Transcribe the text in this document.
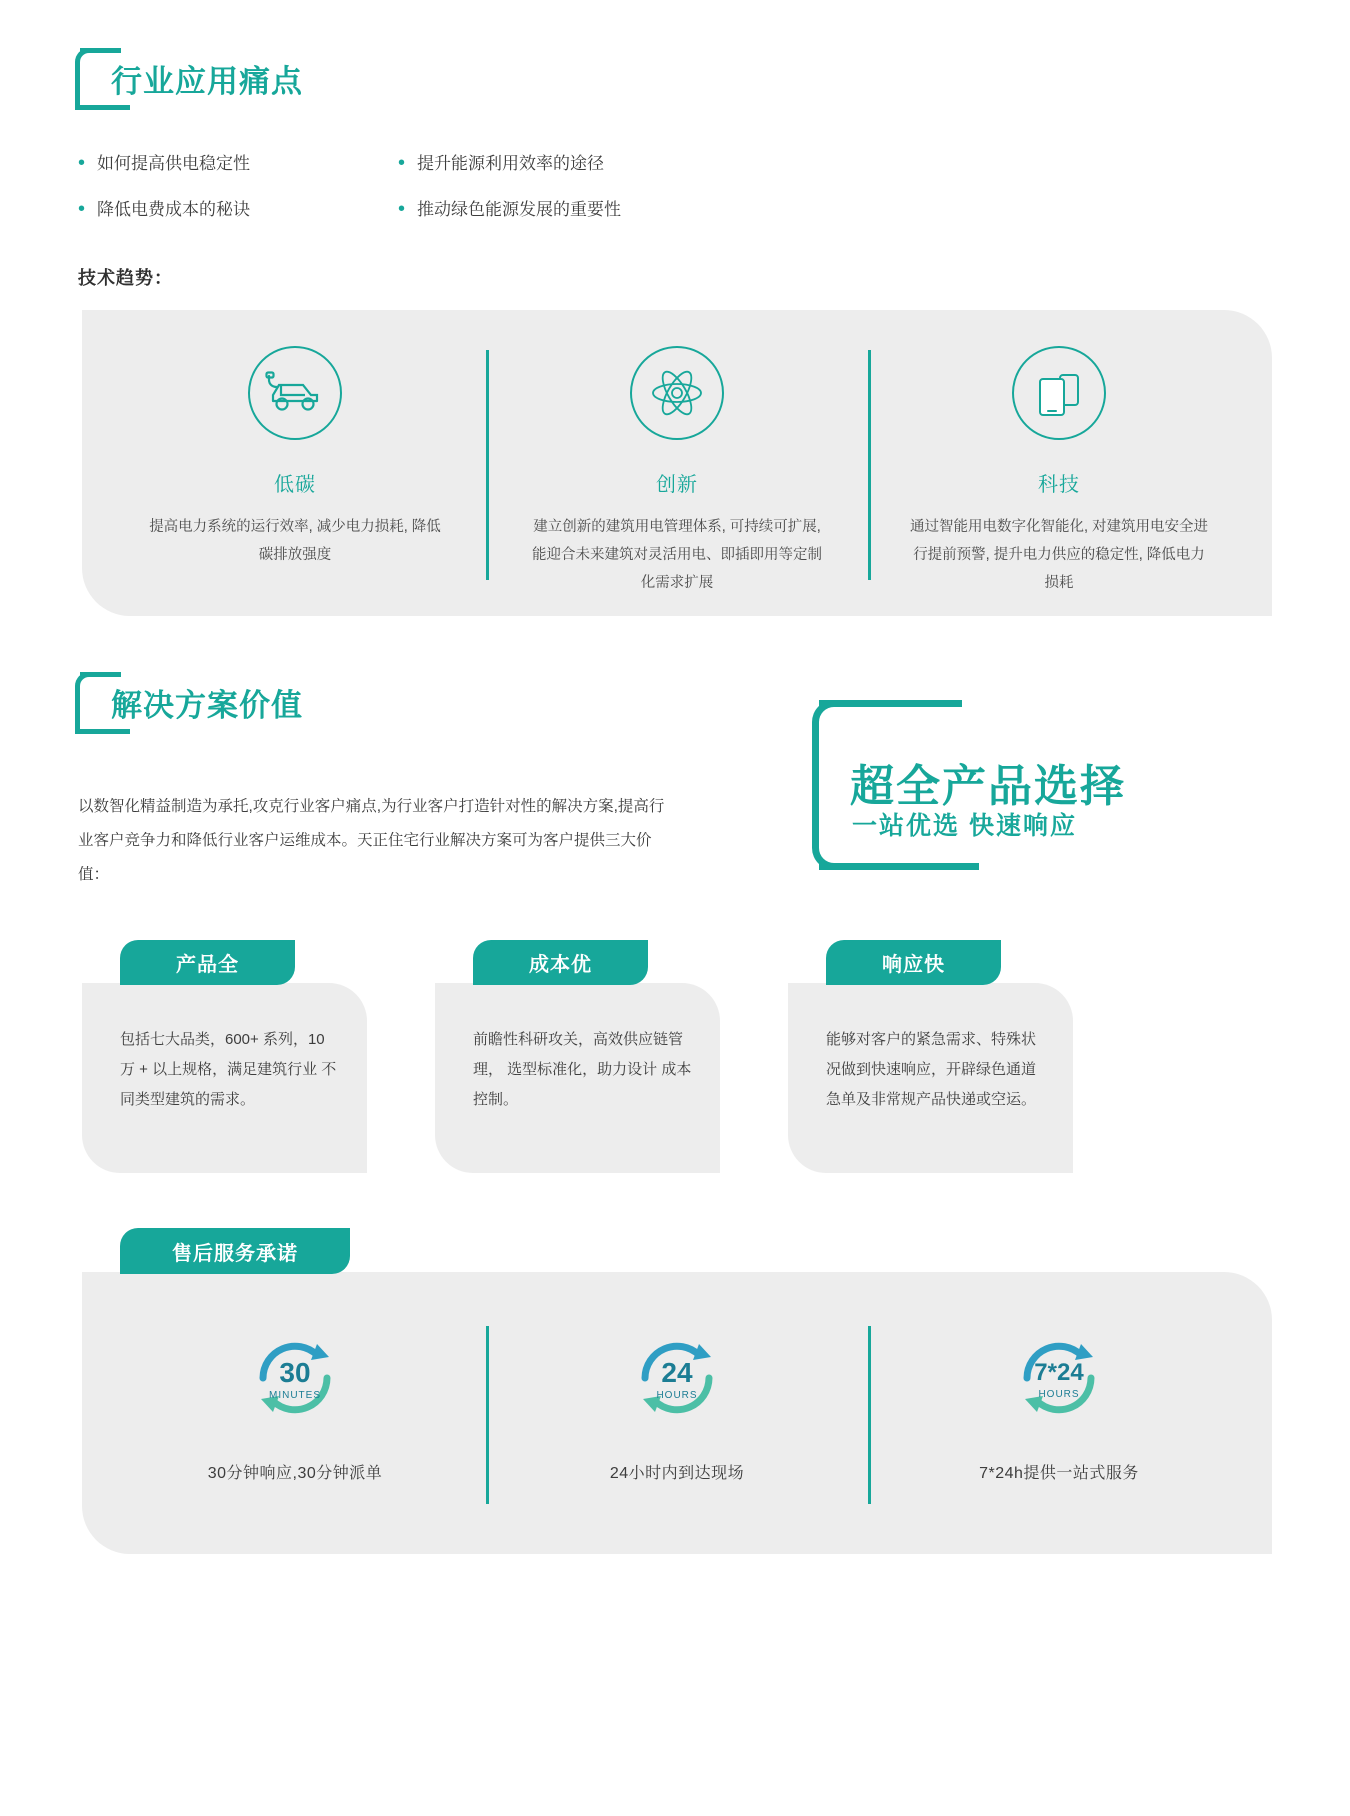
行业应用痛点
• 如何提高供电稳定性	• 提升能源利用效率的途径
• 降低电费成本的秘诀	• 推动绿色能源发展的重要性
技术趋势：
低碳
提高电力系统的运行效率, 减少电力损耗, 降低碳排放强度
创新
建立创新的建筑用电管理体系, 可持续可扩展, 能迎合未来建筑对灵活用电、即插即用等定制化需求扩展
科技
通过智能用电数字化智能化, 对建筑用电安全进行提前预警, 提升电力供应的稳定性, 降低电力损耗
解决方案价值
以数智化精益制造为承托,攻克行业客户痛点,为行业客户打造针对性的解决方案,提高行业客户竞争力和降低行业客户运维成本。天正住宅行业解决方案可为客户提供三大价值：
超全产品选择
一站优选 快速响应
产品全
包括七大品类，600+ 系列，10 万 + 以上规格，满足建筑行业 不同类型建筑的需求。
成本优
前瞻性科研攻关，高效供应链管理， 选型标准化，助力设计 成本控制。
响应快
能够对客户的紧急需求、特殊状况做到快速响应，开辟绿色通道急单及非常规产品快递或空运。
售后服务承诺
30
MINUTES
30分钟响应,30分钟派单
24
HOURS
24小时内到达现场
7*24
HOURS
7*24h提供一站式服务
